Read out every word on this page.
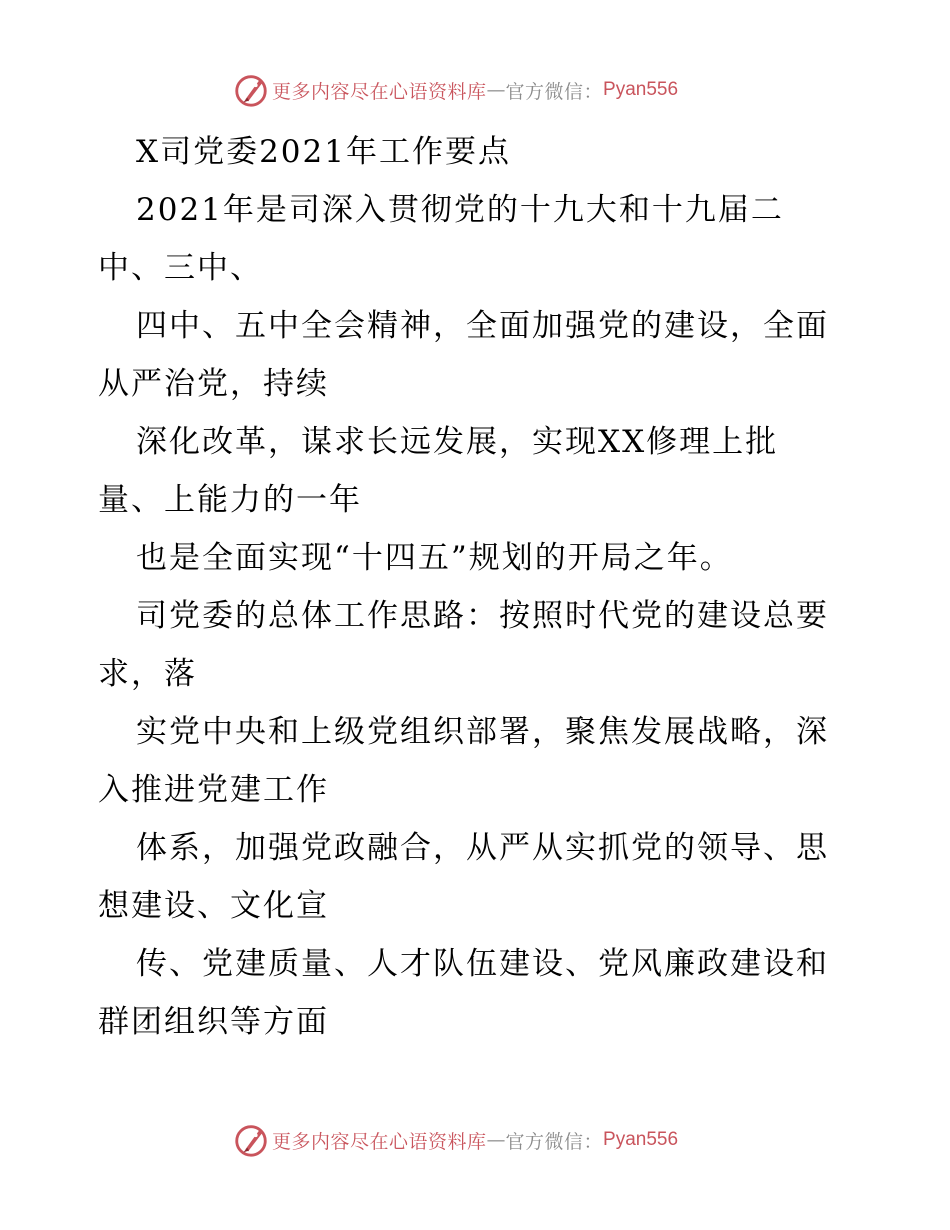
更多内容尽在心语资料库 — 官方微信： Pyan556
X司党委2021年工作要点
2021年是司深入贯彻党的十九大和十九届二
中、三中、
四中、五中全会精神，全面加强党的建设，全面
从严治党，持续
深化改革，谋求长远发展，实现XX修理上批
量、上能力的一年
也是全面实现“十四五”规划的开局之年。
司党委的总体工作思路：按照时代党的建设总要
求，落
实党中央和上级党组织部署，聚焦发展战略，深
入推进党建工作
体系，加强党政融合，从严从实抓党的领导、思
想建设、文化宣
传、党建质量、人才队伍建设、党风廉政建设和
群团组织等方面
更多内容尽在心语资料库 — 官方微信： Pyan556
